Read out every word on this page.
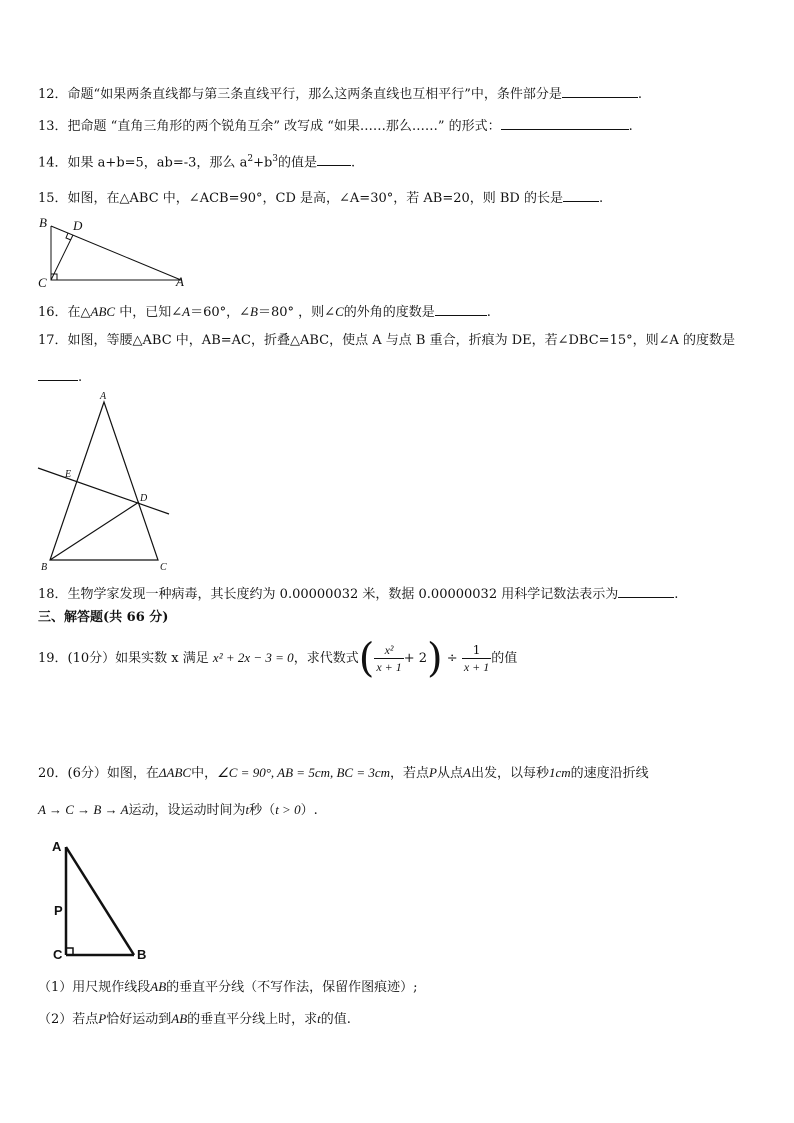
12．命题“如果两条直线都与第三条直线平行，那么这两条直线也互相平行”中，条件部分是	.
13．把命题 “直角三角形的两个锐角互余” 改写成 “如果……那么……” 的形式：	.
14．如果 a+b=5，ab=-3，那么 $a^2+b^3$的值是	.
15．如图，在△ABC 中，∠ACB=90°，CD 是高，∠A=30°，若 AB=20，则 BD 的长是	.
B D
C	A
16．在△ABC 中，已知∠A＝60°，∠B＝80° ，则∠C的外角的度数是	.
17．如图，等腰△ABC 中，AB=AC，折叠△ABC，使点 A 与点 B 重合，折痕为 DE，若∠DBC=15°，则∠A 的度数是
.
A
E
D
B	C
18．生物学家发现一种病毒，其长度约为 0.00000032 米，数据 0.00000032 用科学记数法表示为	.
三、解答题(共 66 分)
19．(10分）如果实数 x 满足 x² + 2x − 3 = 0，求代数式( $\frac{\text{x²}}{x + 1} + 2) \div \frac{1}{x + 1}$ 的值
20．(6分）如图，在ΔABC中，∠C = 90°, AB = 5cm, BC = 3cm，若点P从点A出发，以每秒1cm的速度沿折线
A → C → B → A运动，设运动时间为t秒（t > 0）.
A
P
C	B
（1）用尺规作线段AB的垂直平分线（不写作法，保留作图痕迹）;
（2）若点P恰好运动到AB的垂直平分线上时，求t的值.
